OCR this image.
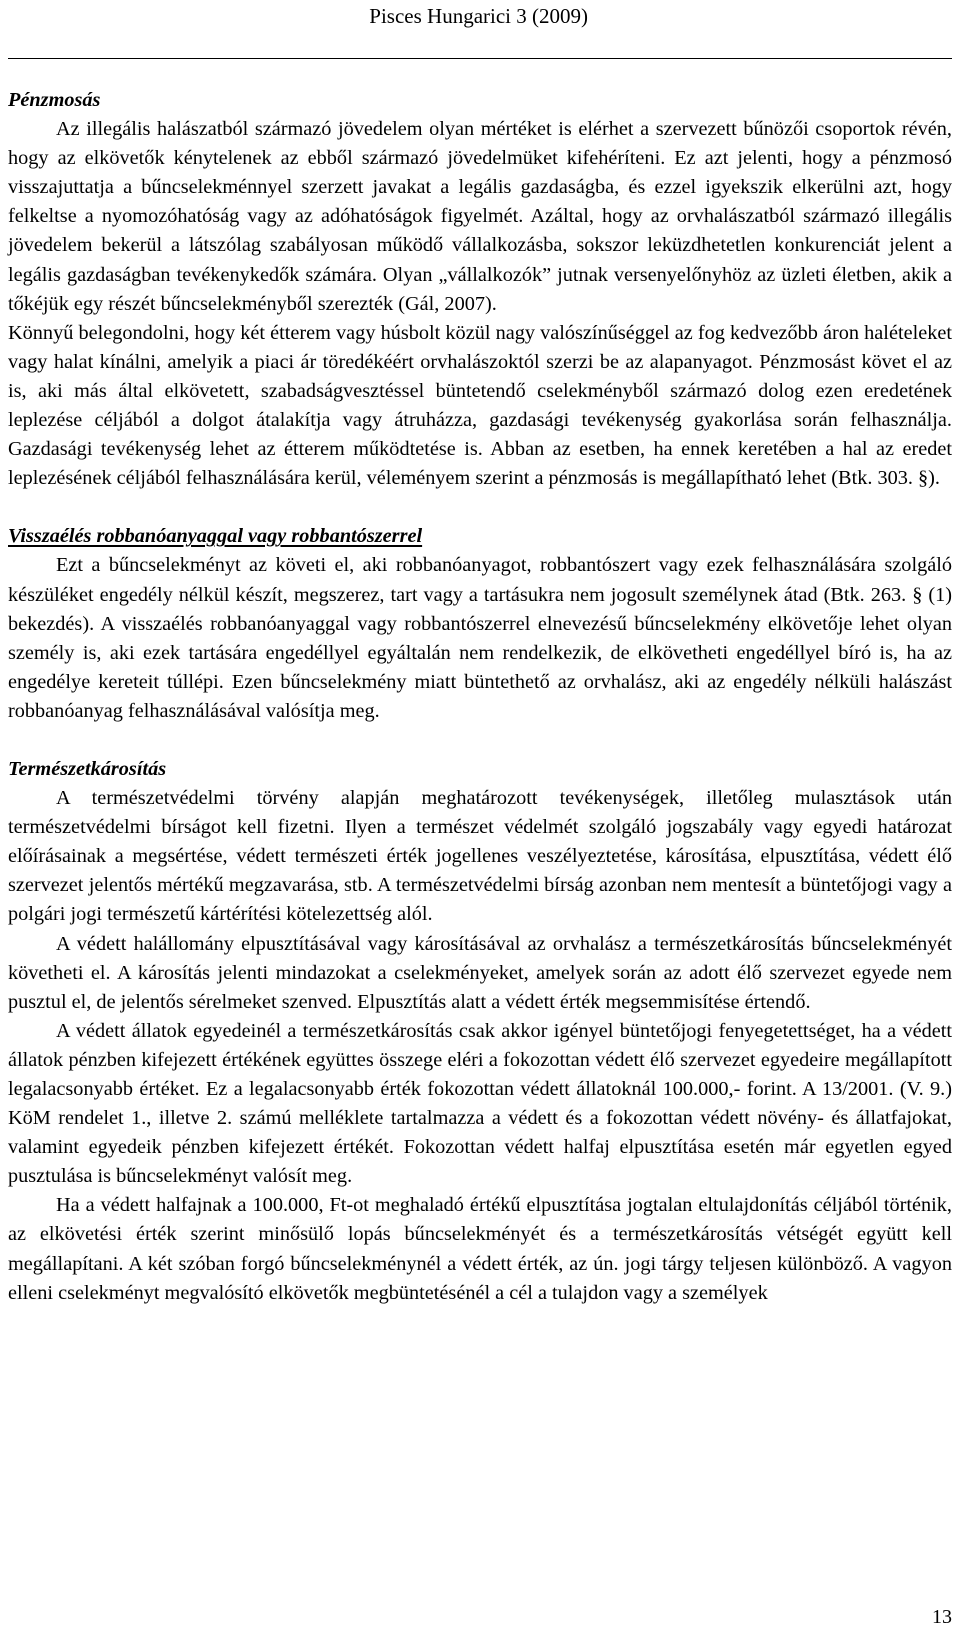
Pisces Hungarici 3 (2009)
Pénzmosás

Az illegális halászatból származó jövedelem olyan mértéket is elérhet a szervezett bűnözői csoportok révén, hogy az elkövetők kénytelenek az ebből származó jövedelmüket kifehéríteni. Ez azt jelenti, hogy a pénzmosó visszajuttatja a bűncselekménnyel szerzett javakat a legális gazdaságba, és ezzel igyekszik elkerülni azt, hogy felkeltse a nyomozóhatóság vagy az adóhatóságok figyelmét. Azáltal, hogy az orvhalászatból származó illegális jövedelem bekerül a látszólag szabályosan működő vállalkozásba, sokszor leküzdhetetlen konkurenciát jelent a legális gazdaságban tevékenykedők számára. Olyan „vállalkozók” jutnak versenyelőnyhöz az üzleti életben, akik a tőkéjük egy részét bűncselekményből szerezték (Gál, 2007).

Könnyű belegondolni, hogy két étterem vagy húsbolt közül nagy valószínűséggel az fog kedvezőbb áron halételeket vagy halat kínálni, amelyik a piaci ár töredékéért orvhalászoktól szerzi be az alapanyagot. Pénzmosást követ el az is, aki más által elkövetett, szabadságvesztéssel büntetendő cselekményből származó dolog ezen eredetének leplezése céljából a dolgot átalakítja vagy átruházza, gazdasági tevékenység gyakorlása során felhasználja. Gazdasági tevékenység lehet az étterem működtetése is. Abban az esetben, ha ennek keretében a hal az eredet leplezésének céljából felhasználására kerül, véleményem szerint a pénzmosás is megállapítható lehet (Btk. 303. §).

Visszaélés robbanóanyaggal vagy robbantószerrel

Ezt a bűncselekményt az követi el, aki robbanóanyagot, robbantószert vagy ezek felhasználására szolgáló készüléket engedély nélkül készít, megszerez, tart vagy a tartásukra nem jogosult személynek átad (Btk. 263. § (1) bekezdés). A visszaélés robbanóanyaggal vagy robbantószerrel elnevezésű bűncselekmény elkövetője lehet olyan személy is, aki ezek tartására engedéllyel egyáltalán nem rendelkezik, de elkövetheti engedéllyel bíró is, ha az engedélye kereteit túllépi. Ezen bűncselekmény miatt büntethető az orvhalász, aki az engedély nélküli halászást robbanóanyag felhasználásával valósítja meg.

Természetkárosítás

A természetvédelmi törvény alapján meghatározott tevékenységek, illetőleg mulasztások után természetvédelmi bírságot kell fizetni. Ilyen a természet védelmét szolgáló jogszabály vagy egyedi határozat előírásainak a megsértése, védett természeti érték jogellenes veszélyeztetése, károsítása, elpusztítása, védett élő szervezet jelentős mértékű megzavarása, stb. A természetvédelmi bírság azonban nem mentesít a büntetőjogi vagy a polgári jogi természetű kártérítési kötelezettség alól.

A védett halállomány elpusztításával vagy károsításával az orvhalász a természetkárosítás bűncselekményét követheti el. A károsítás jelenti mindazokat a cselekményeket, amelyek során az adott élő szervezet egyede nem pusztul el, de jelentős sérelmeket szenved. Elpusztítás alatt a védett érték megsemmisítése értendő.

A védett állatok egyedeinél a természetkárosítás csak akkor igényel büntetőjogi fenyegetettséget, ha a védett állatok pénzben kifejezett értékének együttes összege eléri a fokozottan védett élő szervezet egyedeire megállapított legalacsonyabb értéket. Ez a legalacsonyabb érték fokozottan védett állatoknál 100.000,- forint. A 13/2001. (V. 9.) KöM rendelet 1., illetve 2. számú melléklete tartalmazza a védett és a fokozottan védett növény- és állatfajokat, valamint egyedeik pénzben kifejezett értékét. Fokozottan védett halfaj elpusztítása esetén már egyetlen egyed pusztulása is bűncselekményt valósít meg.

Ha a védett halfajnak a 100.000, Ft-ot meghaladó értékű elpusztítása jogtalan eltulajdonítás céljából történik, az elkövetési érték szerint minősülő lopás bűncselekményét és a természetkárosítás vétségét együtt kell megállapítani. A két szóban forgó bűncselekménynél a védett érték, az ún. jogi tárgy teljesen különböző. A vagyon elleni cselekményt megvalósító elkövetők megbüntetésénél a cél a tulajdon vagy a személyek

13
